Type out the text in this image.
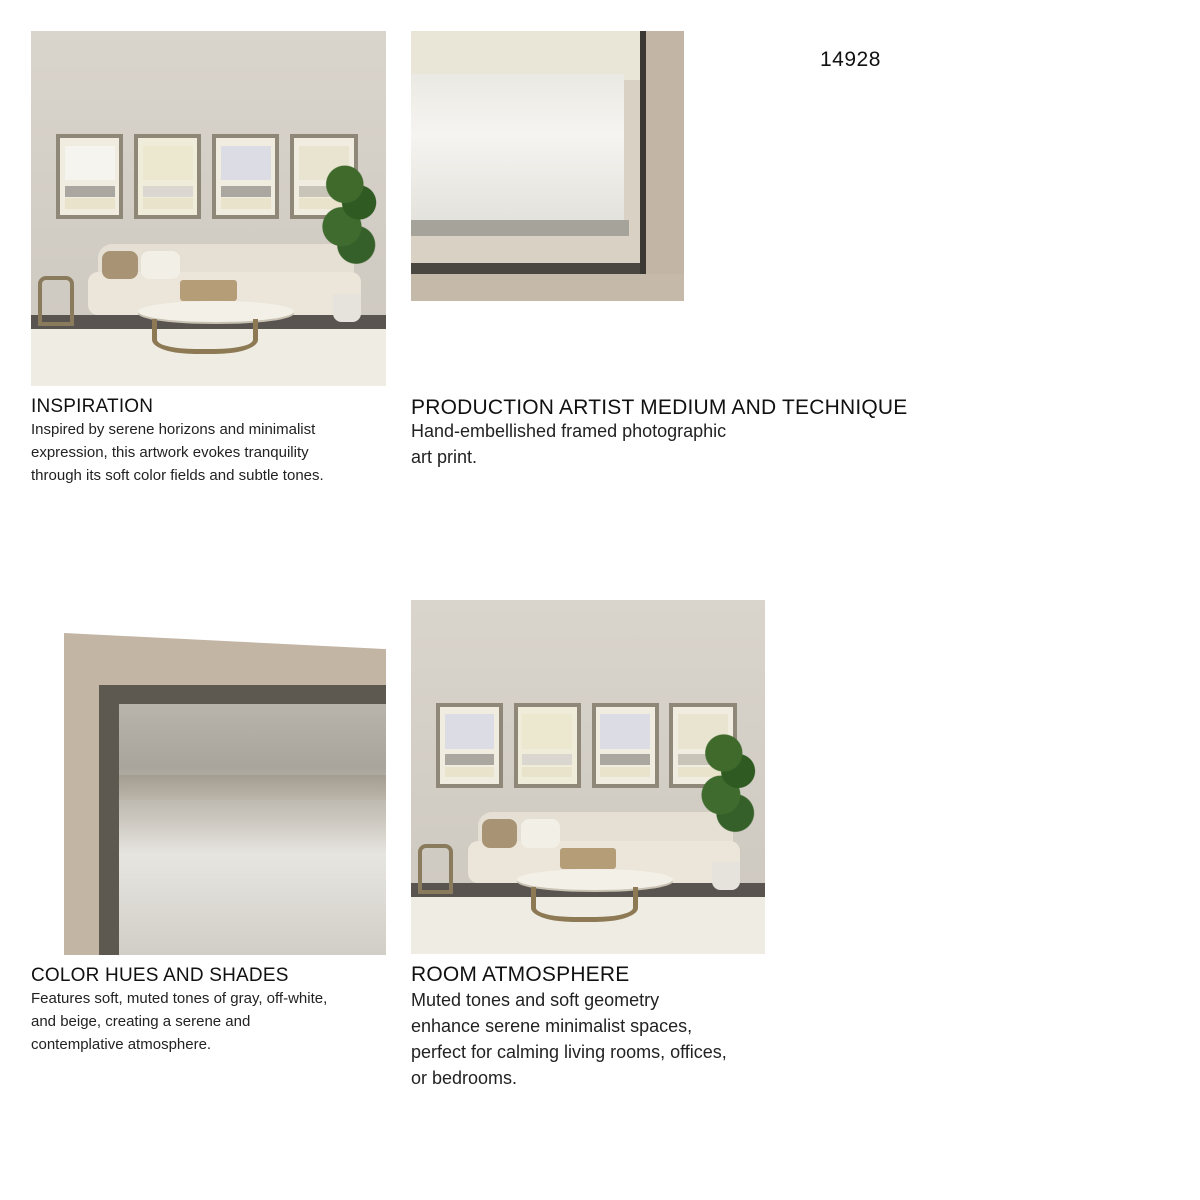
14928
INSPIRATION
Inspired by serene horizons and minimalist
expression, this artwork evokes tranquility
through its soft color fields and subtle tones.
PRODUCTION ARTIST MEDIUM AND TECHNIQUE
Hand-embellished framed photographic
art print.
COLOR HUES AND SHADES
Features soft, muted tones of gray, off-white,
and beige, creating a serene and
contemplative atmosphere.
ROOM ATMOSPHERE
Muted tones and soft geometry
enhance serene minimalist spaces,
perfect for calming living rooms, offices,
or bedrooms.
